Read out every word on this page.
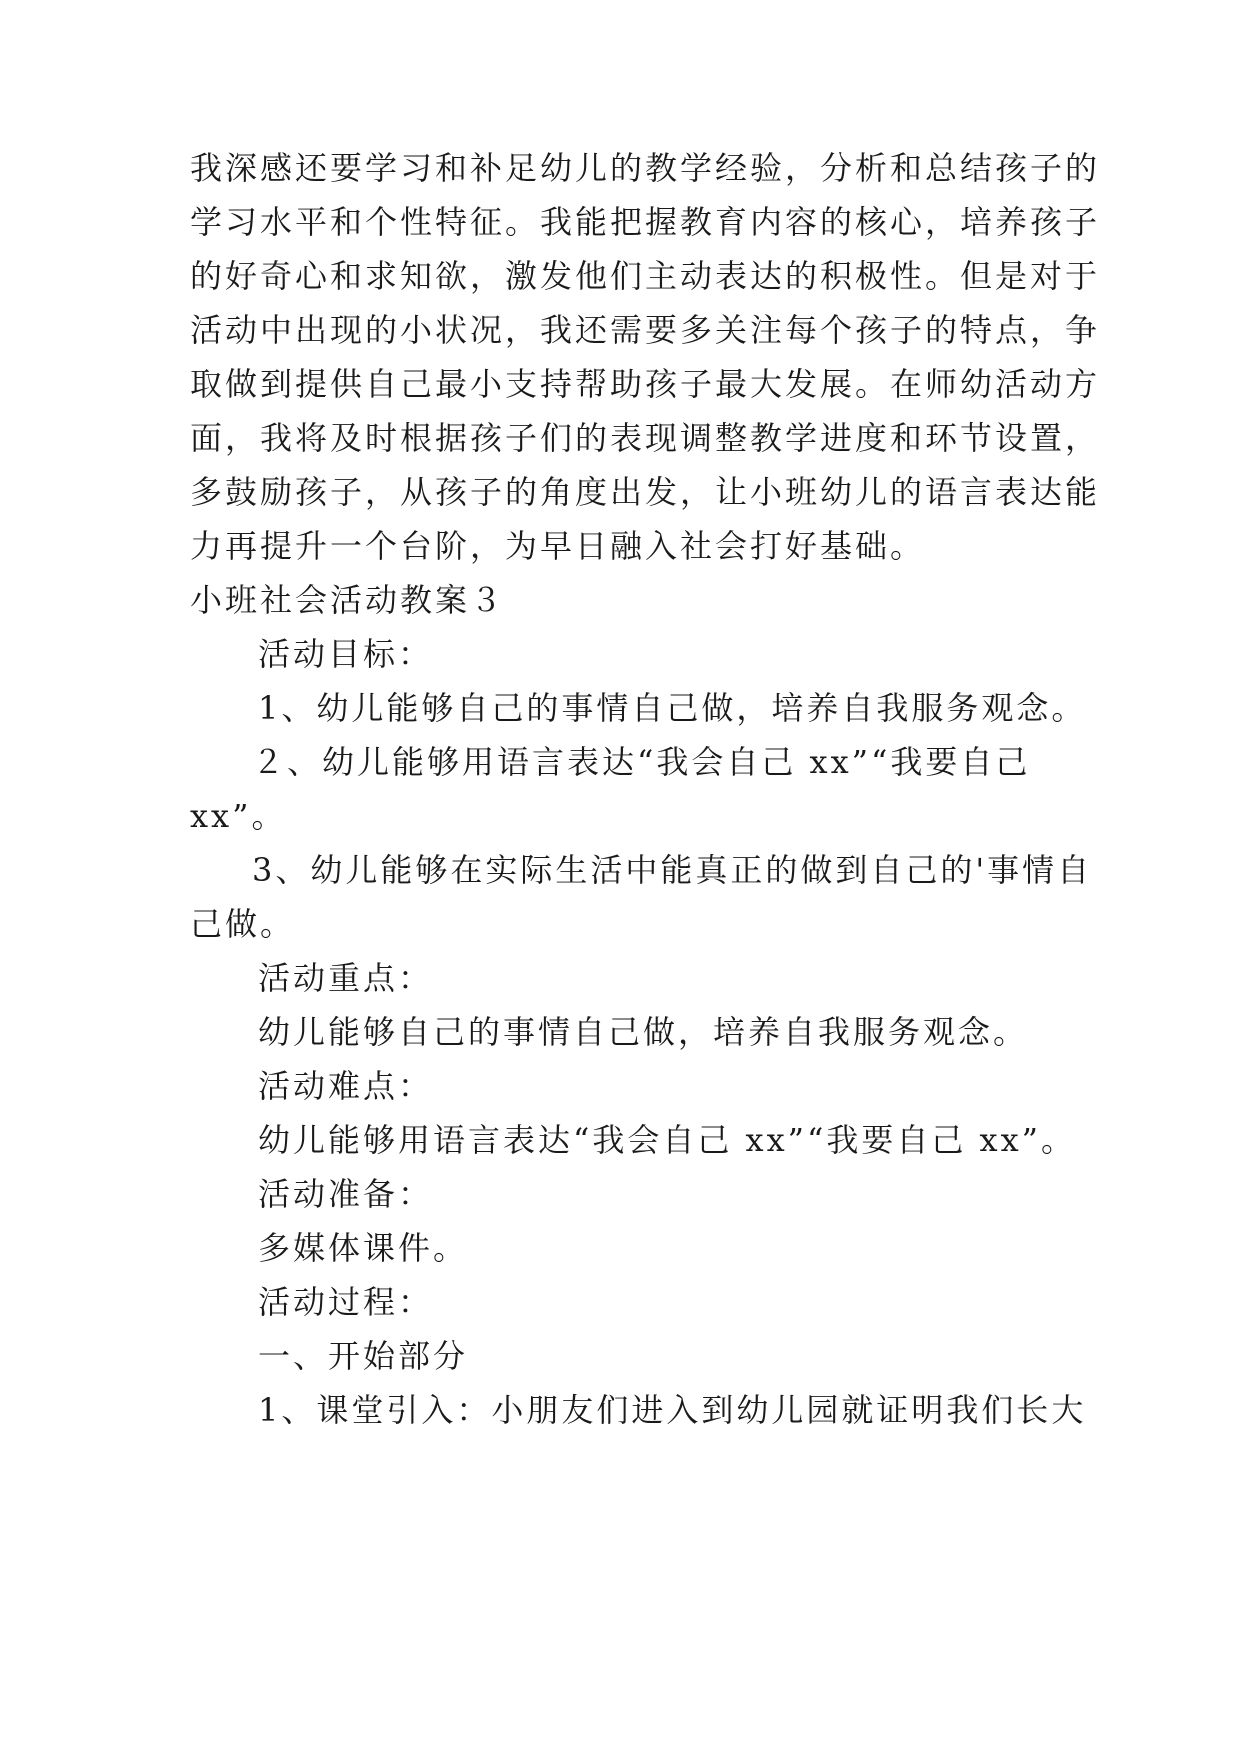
我深感还要学习和补足幼儿的教学经验，分析和总结孩子的
学习水平和个性特征。我能把握教育内容的核心，培养孩子
的好奇心和求知欲，激发他们主动表达的积极性。但是对于
活动中出现的小状况，我还需要多关注每个孩子的特点，争
取做到提供自己最小支持帮助孩子最大发展。在师幼活动方
面，我将及时根据孩子们的表现调整教学进度和环节设置，
多鼓励孩子，从孩子的角度出发，让小班幼儿的语言表达能
力再提升一个台阶，为早日融入社会打好基础。
小班社会活动教案３
活动目标：
1、幼儿能够自己的事情自己做，培养自我服务观念。
２、幼儿能够用语言表达“我会自己 xx”“我要自己
xx”。
3、幼儿能够在实际生活中能真正的做到自己的'事情自
己做。
活动重点：
幼儿能够自己的事情自己做，培养自我服务观念。
活动难点：
幼儿能够用语言表达“我会自己 xx”“我要自己 xx”。
活动准备：
多媒体课件。
活动过程：
一、开始部分
1、课堂引入：小朋友们进入到幼儿园就证明我们长大
